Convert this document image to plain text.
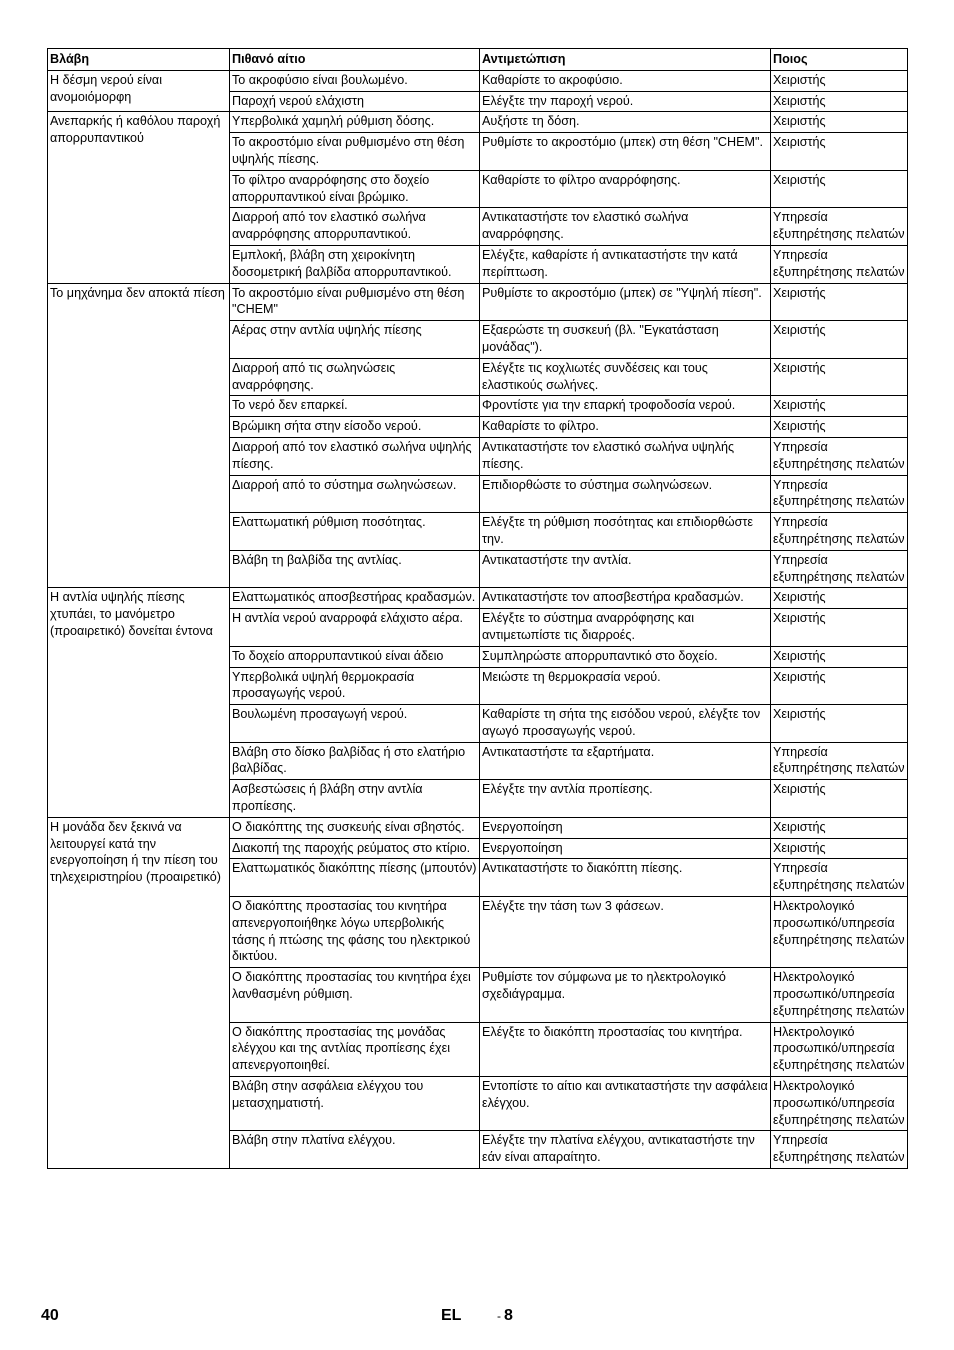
Βλάβη	Πιθανό αίτιο	Αντιμετώπιση	Ποιος
Η δέσμη νερού είναι ανομοιόμορφη	Το ακροφύσιο είναι βουλωμένο.	Καθαρίστε το ακροφύσιο.	Χειριστής
	Παροχή νερού ελάχιστη	Ελέγξτε την παροχή νερού.	Χειριστής
Ανεπαρκής ή καθόλου παροχή απορρυπαντικού	Υπερβολικά χαμηλή ρύθμιση δόσης.	Αυξήστε τη δόση.	Χειριστής
	Το ακροστόμιο είναι ρυθμισμένο στη θέση υψηλής πίεσης.	Ρυθμίστε το ακροστόμιο (μπεκ) στη θέση "CHEM".	Χειριστής
	Το φίλτρο αναρρόφησης στο δοχείο απορρυπαντικού είναι βρώμικο.	Καθαρίστε το φίλτρο αναρρόφησης.	Χειριστής
	Διαρροή από τον ελαστικό σωλήνα αναρρόφησης απορρυπαντικού.	Αντικαταστήστε τον ελαστικό σωλήνα αναρρόφησης.	Υπηρεσία εξυπηρέτησης πελατών
	Εμπλοκή, βλάβη στη χειροκίνητη δοσομετρική βαλβίδα απορρυπαντικού.	Ελέγξτε, καθαρίστε ή αντικαταστήστε την κατά περίπτωση.	Υπηρεσία εξυπηρέτησης πελατών
Το μηχάνημα δεν αποκτά πίεση	Το ακροστόμιο είναι ρυθμισμένο στη θέση "CHEM"	Ρυθμίστε το ακροστόμιο (μπεκ) σε "Υψηλή πίεση".	Χειριστής
	Αέρας στην αντλία υψηλής πίεσης	Εξαερώστε τη συσκευή (βλ. "Εγκατάσταση μονάδας").	Χειριστής
	Διαρροή από τις σωληνώσεις αναρρόφησης.	Ελέγξτε τις κοχλιωτές συνδέσεις και τους ελαστικούς σωλήνες.	Χειριστής
	Το νερό δεν επαρκεί.	Φροντίστε για την επαρκή τροφοδοσία νερού.	Χειριστής
	Βρώμικη σήτα στην είσοδο νερού.	Καθαρίστε το φίλτρο.	Χειριστής
	Διαρροή από τον ελαστικό σωλήνα υψηλής πίεσης.	Αντικαταστήστε τον ελαστικό σωλήνα υψηλής πίεσης.	Υπηρεσία εξυπηρέτησης πελατών
	Διαρροή από το σύστημα σωληνώσεων.	Επιδιορθώστε το σύστημα σωληνώσεων.	Υπηρεσία εξυπηρέτησης πελατών
	Ελαττωματική ρύθμιση ποσότητας.	Ελέγξτε τη ρύθμιση ποσότητας και επιδιορθώστε την.	Υπηρεσία εξυπηρέτησης πελατών
	Βλάβη τη βαλβίδα της αντλίας.	Αντικαταστήστε την αντλία.	Υπηρεσία εξυπηρέτησης πελατών
Η αντλία υψηλής πίεσης χτυπάει, το μανόμετρο (προαιρετικό) δονείται έντονα	Ελαττωματικός αποσβεστήρας κραδασμών.	Αντικαταστήστε τον αποσβεστήρα κραδασμών.	Χειριστής
	Η αντλία νερού αναρροφά ελάχιστο αέρα.	Ελέγξτε το σύστημα αναρρόφησης και αντιμετωπίστε τις διαρροές.	Χειριστής
	Το δοχείο απορρυπαντικού είναι άδειο	Συμπληρώστε απορρυπαντικό στο δοχείο.	Χειριστής
	Υπερβολικά υψηλή θερμοκρασία προσαγωγής νερού.	Μειώστε τη θερμοκρασία νερού.	Χειριστής
	Βουλωμένη προσαγωγή νερού.	Καθαρίστε τη σήτα της εισόδου νερού, ελέγξτε τον αγωγό προσαγωγής νερού.	Χειριστής
	Βλάβη στο δίσκο βαλβίδας ή στο ελατήριο βαλβίδας.	Αντικαταστήστε τα εξαρτήματα.	Υπηρεσία εξυπηρέτησης πελατών
	Ασβεστώσεις ή βλάβη στην αντλία προπίεσης.	Ελέγξτε την αντλία προπίεσης.	Χειριστής
Η μονάδα δεν ξεκινά να λειτουργεί κατά την ενεργοποίηση ή την πίεση του τηλεχειριστηρίου (προαιρετικό)	Ο διακόπτης της συσκευής είναι σβηστός.	Ενεργοποίηση	Χειριστής
	Διακοπή της παροχής ρεύματος στο κτίριο.	Ενεργοποίηση	Χειριστής
	Ελαττωματικός διακόπτης πίεσης (μπουτόν)	Αντικαταστήστε το διακόπτη πίεσης.	Υπηρεσία εξυπηρέτησης πελατών
	Ο διακόπτης προστασίας του κινητήρα απενεργοποιήθηκε λόγω υπερβολικής τάσης ή πτώσης της φάσης του ηλεκτρικού δικτύου.	Ελέγξτε την τάση των 3 φάσεων.	Ηλεκτρολογικό προσωπικό/υπηρεσία εξυπηρέτησης πελατών
	Ο διακόπτης προστασίας του κινητήρα έχει λανθασμένη ρύθμιση.	Ρυθμίστε τον σύμφωνα με το ηλεκτρολογικό σχεδιάγραμμα.	Ηλεκτρολογικό προσωπικό/υπηρεσία εξυπηρέτησης πελατών
	Ο διακόπτης προστασίας της μονάδας ελέγχου και της αντλίας προπίεσης έχει απενεργοποιηθεί.	Ελέγξτε το διακόπτη προστασίας του κινητήρα.	Ηλεκτρολογικό προσωπικό/υπηρεσία εξυπηρέτησης πελατών
	Βλάβη στην ασφάλεια ελέγχου του μετασχηματιστή.	Εντοπίστε το αίτιο και αντικαταστήστε την ασφάλεια ελέγχου.	Ηλεκτρολογικό προσωπικό/υπηρεσία εξυπηρέτησης πελατών
	Βλάβη στην πλατίνα ελέγχου.	Ελέγξτε την πλατίνα ελέγχου, αντικαταστήστε την εάν είναι απαραίτητο.	Υπηρεσία εξυπηρέτησης πελατών
40	EL	- 8
